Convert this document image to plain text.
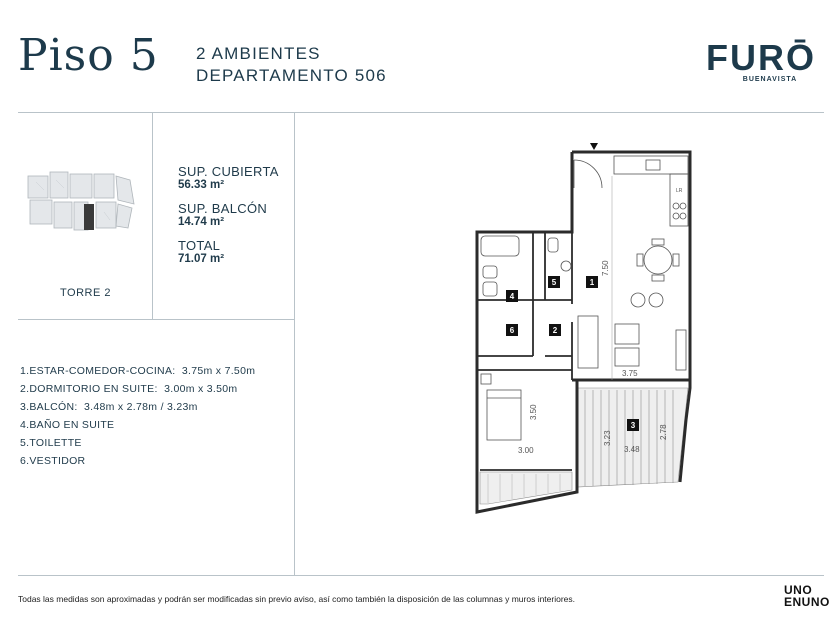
Piso 5 2 AMBIENTES
DEPARTAMENTO 506	FURŌ
BUENAVISTA
TORRE 2
SUP. CUBIERTA
56.33 m²
SUP. BALCÓN
14.74 m²
TOTAL
71.07 m²
1.ESTAR-COMEDOR-COCINA: 3.75m x 7.50m
2.DORMITORIO EN SUITE: 3.00m x 3.50m
3.BALCÓN: 3.48m x 2.78m / 3.23m
4.BAÑO EN SUITE
5.TOILETTE
6.VESTIDOR
LR
1
2
3
4
5
6
7.50
3.75
3.50
3.00
3.23	2.78
3.48
Todas las medidas son aproximadas y podrán ser modificadas sin previo aviso, así como también la disposición de las columnas y muros interiores.
UNO
ENUNO
